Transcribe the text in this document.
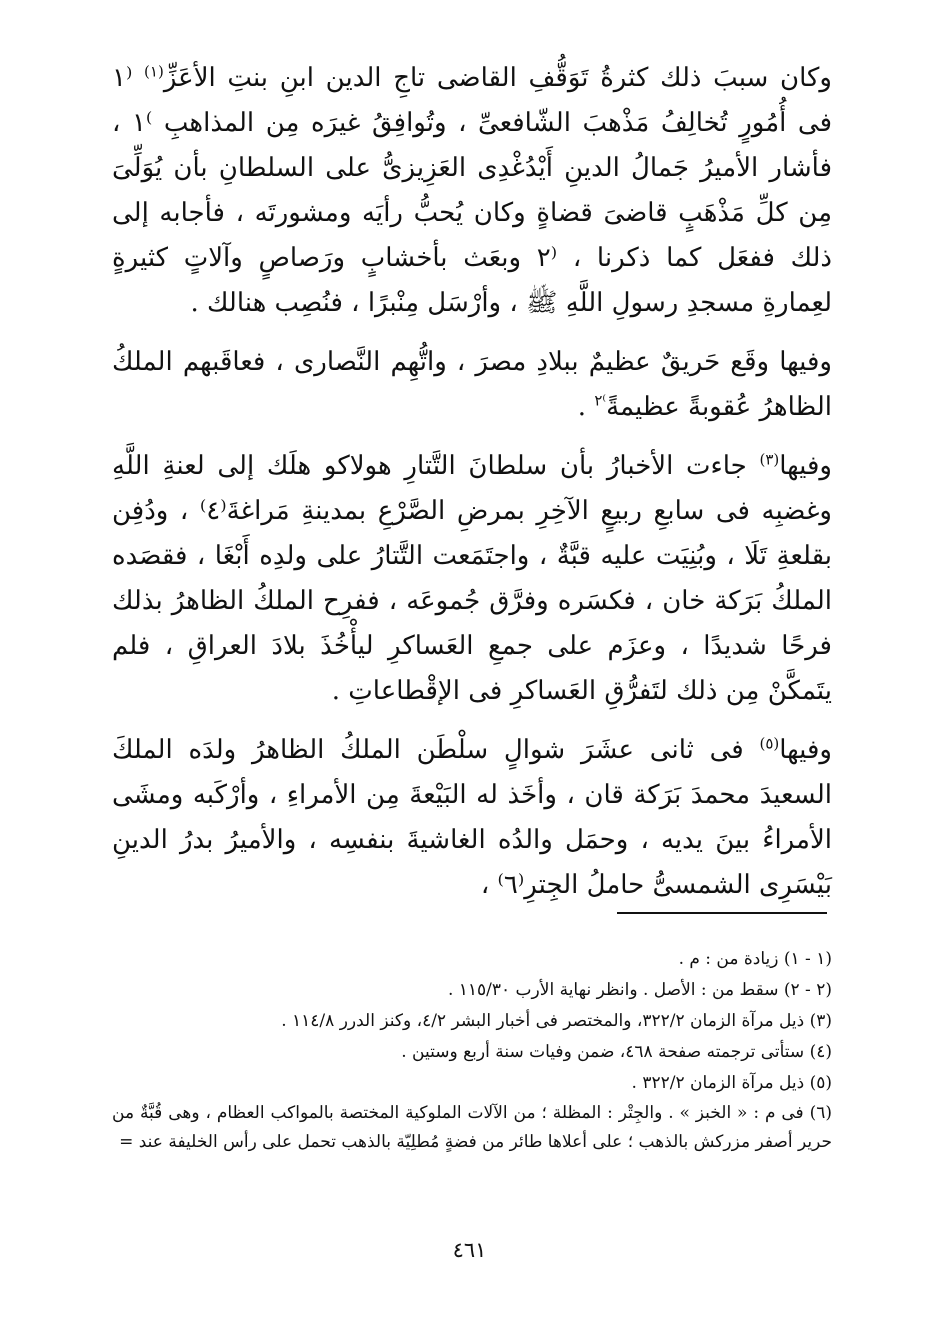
وكان سببَ ذلك كثرةُ تَوَقُّفِ القاضى تاجِ الدين ابنِ بنتِ الأعَزِّ$^{(١)}$ ⁽١ فى أُمُورٍ تُخالِفُ مَذْهبَ الشّافعىِّ ، وتُوافِقُ غيرَه مِن المذاهبِ ⁾١ ، فأشار الأميرُ جَمالُ الدينِ أَيْدُغْدِى العَزِيزىُّ على السلطانِ بأن يُوَلِّىَ مِن كلِّ مَذْهَبٍ قاضىَ قضاةٍ وكان يُحبُّ رأيَه ومشورتَه ، فأجابه إلى ذلك ففعَل كما ذكرنا ، ⁽٢ وبعَث بأخشابٍ ورَصاصٍ وآلاتٍ كثيرةٍ لعِمارةِ مسجدِ رسولِ اللَّهِ ﷺ ، وأرْسَل مِنْبرًا ، فنُصِب هنالك .

وفيها وقَع حَريقٌ عظيمٌ ببلادِ مصرَ ، واتُّهِم النَّصارى ، فعاقَبهم الملكُ الظاهرُ عُقوبةً عظيمةً$^{^)٢}$ .

وفيها$^{(٣)}$ جاءت الأخبارُ بأن سلطانَ التَّتارِ هولاكو هلَك إلى لعنةِ اللَّهِ وغضبِه فى سابعِ ربيعٍ الآخِرِ بمرضِ الصَّرْعِ بمدينةِ مَراغةَ⁽٤⁾ ، ودُفِن بقلعةِ تَلَا ، وبُنِيَت عليه قبَّةٌ ، واجتَمَعت التَّتارُ على ولدِه أَبْغَا ، فقصَده الملكُ بَرَكة خان ، فكسَره وفرَّق جُموعَه ، ففرِح الملكُ الظاهرُ بذلك فرحًا شديدًا ، وعزَم على جمعِ العَساكرِ ليأْخُذَ بلادَ العراقِ ، فلم يتَمكَّنْ مِن ذلك لتَفرُّقِ العَساكرِ فى الإقْطاعاتِ .

وفيها$^{(٥)}$ فى ثانى عشَرَ شوالٍ سلْطَن الملكُ الظاهرُ ولدَه الملكَ السعيدَ محمدَ بَرَكة قان ، وأخَذ له البَيْعةَ مِن الأمراءِ ، وأرْكَبه ومشَى الأمراءُ بينَ يديه ، وحمَل والدُه الغاشيةَ بنفسِه ، والأميرُ بدرُ الدينِ بَيْسَرِى الشمسىُّ حاملُ الجِترِ⁽٦⁾ ،

(١ - ١) زيادة من : م .

(٢ - ٢) سقط من : الأصل . وانظر نهاية الأرب ١١٥/٣٠ .

(٣) ذيل مرآة الزمان ٣٢٢/٢، والمختصر فى أخبار البشر ٤/٢، وكنز الدرر ١١٤/٨ .

(٤) ستأتى ترجمته صفحة ٤٦٨، ضمن وفيات سنة أربع وستين .

(٥) ذيل مرآة الزمان ٣٢٢/٢ .

(٦) فى م : « الخبز » . والجِتْر : المظلة ؛ من الآلات الملوكية المختصة بالمواكب العظام ، وهى قُبَّةٌ من حرير أصفر مزركش بالذهب ؛ على أعلاها طائر من فضةٍ مُطلِيّة بالذهب تحمل على رأس الخليفة عند =

٤٦١
